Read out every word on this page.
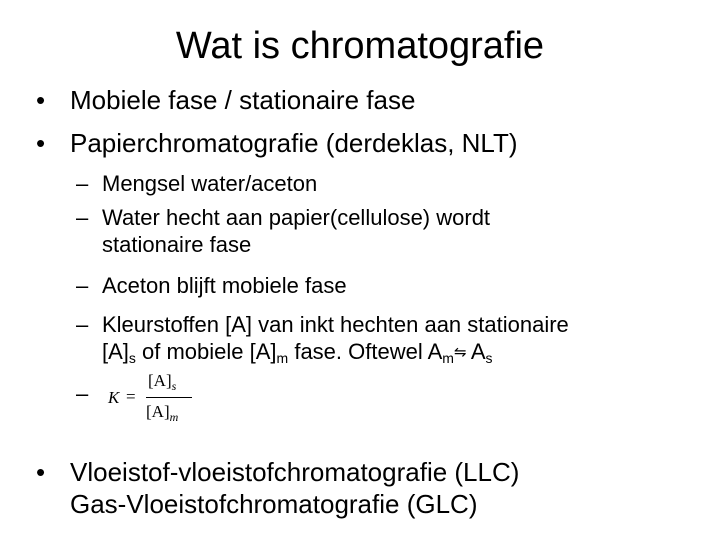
Wat is chromatografie
• Mobiele fase / stationaire fase
• Papierchromatografie (derdeklas, NLT)
– Mengsel water/aceton
– Water hecht aan papier(cellulose) wordt
stationaire fase
– Aceton blijft mobiele fase
– Kleurstoffen [A] van inkt hechten aan stationaire
$[A]_s$ of mobiele $[A]_m$ fase. Oftewel $A_m⇋$ $A_s$
–	K =
$[A]_s$
$[A]_m$
• Vloeistof-vloeistofchromatografie (LLC)
Gas-Vloeistofchromatografie (GLC)
